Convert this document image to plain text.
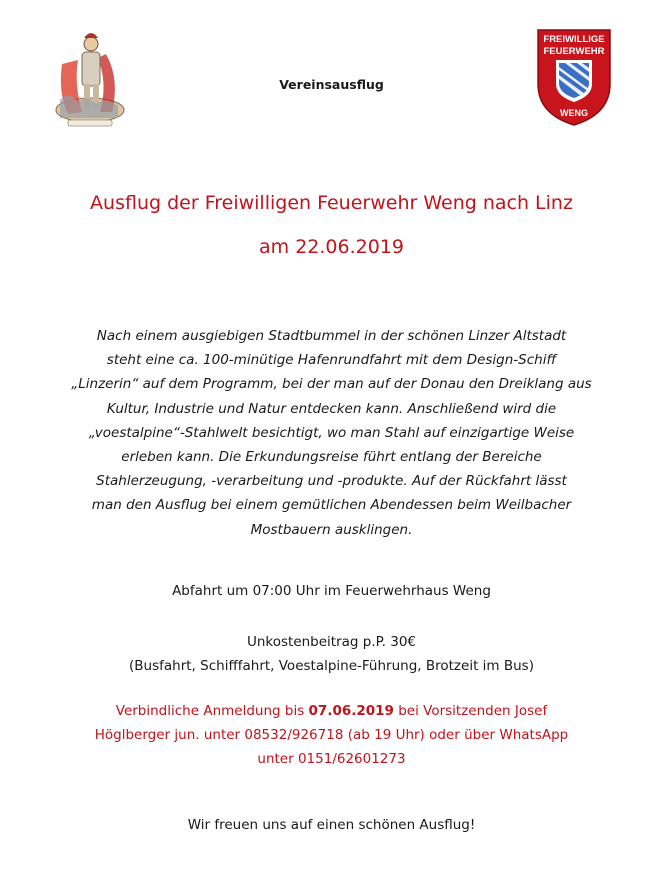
Vereinsausflug
FREIWILLIGE
FEUERWEHR
WENG
Ausflug der Freiwilligen Feuerwehr Weng nach Linz
am 22.06.2019
Nach einem ausgiebigen Stadtbummel in der schönen Linzer Altstadt
steht eine ca. 100-minütige Hafenrundfahrt mit dem Design-Schiff
„Linzerin“ auf dem Programm, bei der man auf der Donau den Dreiklang aus
Kultur, Industrie und Natur entdecken kann. Anschließend wird die
„voestalpine“-Stahlwelt besichtigt, wo man Stahl auf einzigartige Weise
erleben kann. Die Erkundungsreise führt entlang der Bereiche
Stahlerzeugung, -verarbeitung und -produkte. Auf der Rückfahrt lässt
man den Ausflug bei einem gemütlichen Abendessen beim Weilbacher
Mostbauern ausklingen.
Abfahrt um 07:00 Uhr im Feuerwehrhaus Weng
Unkostenbeitrag p.P. 30€
(Busfahrt, Schifffahrt, Voestalpine-Führung, Brotzeit im Bus)
Verbindliche Anmeldung bis 07.06.2019 bei Vorsitzenden Josef
Höglberger jun. unter 08532/926718 (ab 19 Uhr) oder über WhatsApp
unter 0151/62601273
Wir freuen uns auf einen schönen Ausflug!
